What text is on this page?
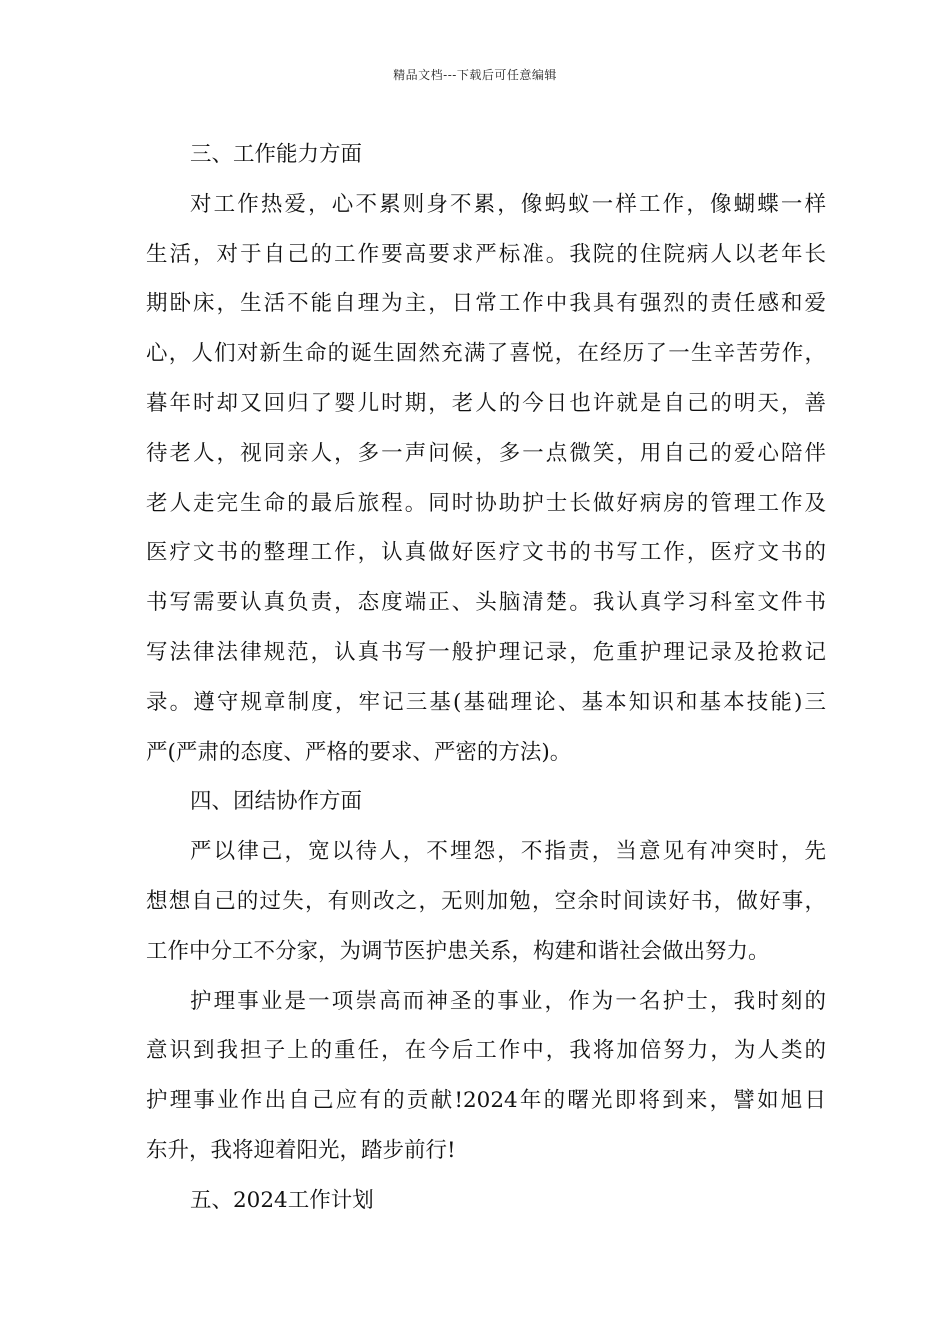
精品文档---下载后可任意编辑
三、工作能力方面
对工作热爱，心不累则身不累，像蚂蚁一样工作，像蝴蝶一样
生活，对于自己的工作要高要求严标准。我院的住院病人以老年长
期卧床，生活不能自理为主，日常工作中我具有强烈的责任感和爱
心，人们对新生命的诞生固然充满了喜悦，在经历了一生辛苦劳作，
暮年时却又回归了婴儿时期，老人的今日也许就是自己的明天，善
待老人，视同亲人，多一声问候，多一点微笑，用自己的爱心陪伴
老人走完生命的最后旅程。同时协助护士长做好病房的管理工作及
医疗文书的整理工作，认真做好医疗文书的书写工作，医疗文书的
书写需要认真负责，态度端正、头脑清楚。我认真学习科室文件书
写法律法律规范，认真书写一般护理记录，危重护理记录及抢救记
录。遵守规章制度，牢记三基(基础理论、基本知识和基本技能)三
严(严肃的态度、严格的要求、严密的方法)。
四、团结协作方面
严以律己，宽以待人，不埋怨，不指责，当意见有冲突时，先
想想自己的过失，有则改之，无则加勉，空余时间读好书，做好事，
工作中分工不分家，为调节医护患关系，构建和谐社会做出努力。
护理事业是一项崇高而神圣的事业，作为一名护士，我时刻的
意识到我担子上的重任，在今后工作中，我将加倍努力，为人类的
护理事业作出自己应有的贡献!2024年的曙光即将到来，譬如旭日
东升，我将迎着阳光，踏步前行!
五、2024工作计划
